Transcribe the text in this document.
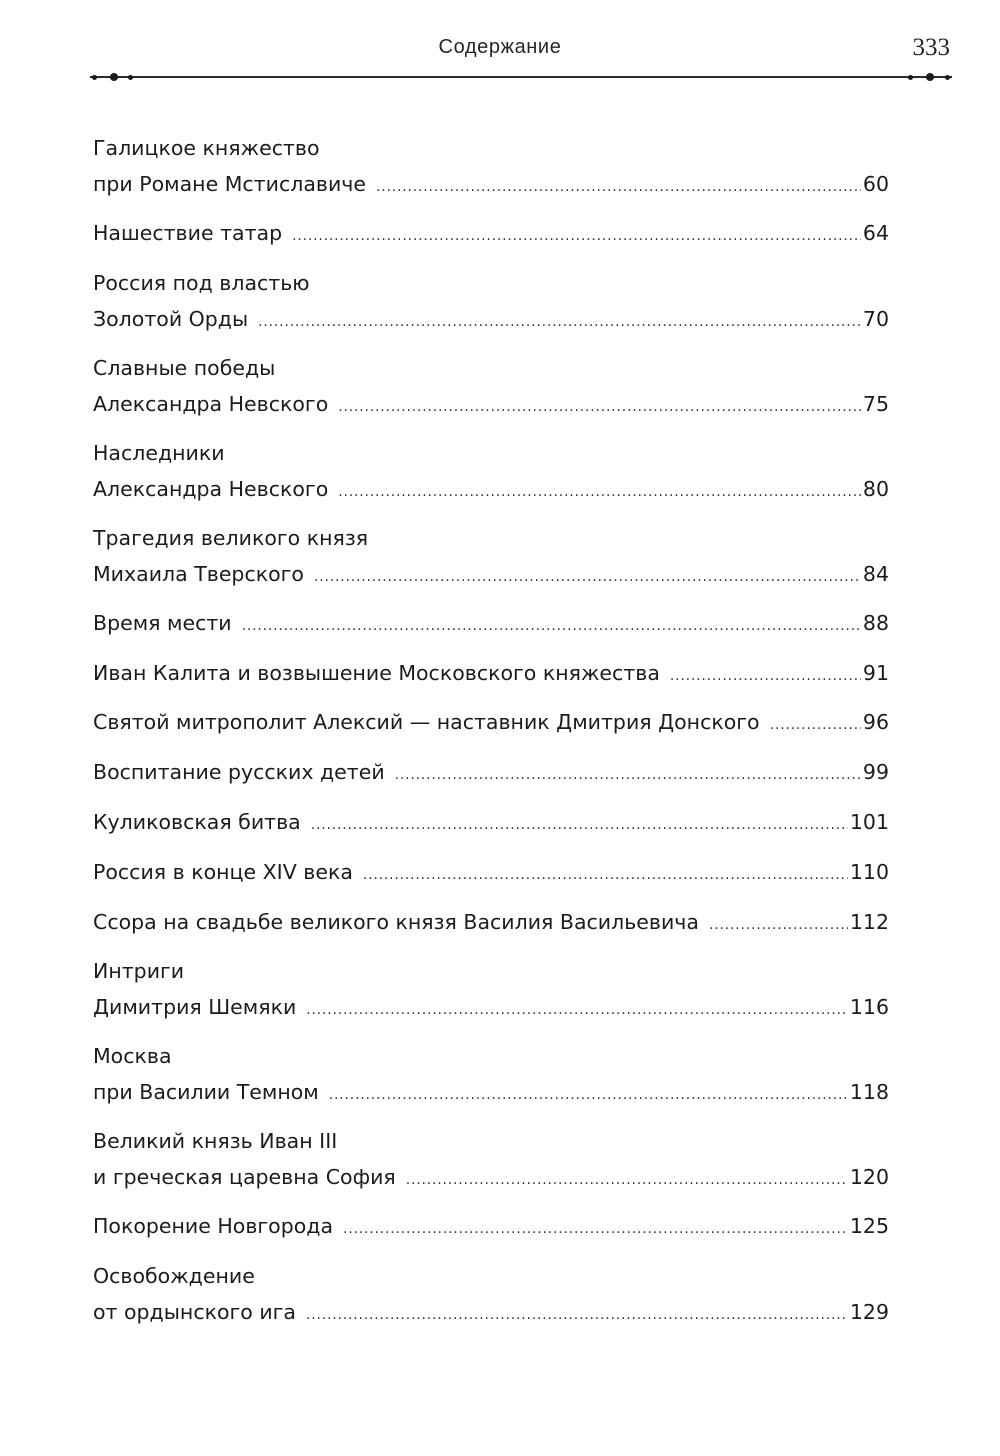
Содержание	333
Галицкое княжество
при Романе Мстиславиче .....	60
Нашествие татар .....	64
Россия под властью
Золотой Орды .....	70
Славные победы
Александра Невского .....	75
Наследники
Александра Невского .....	80
Трагедия великого князя
Михаила Тверского .....	84
Время мести .....	88
Иван Калита и возвышение Московского княжества .....	91
Святой митрополит Алексий — наставник Дмитрия Донского .....	96
Воспитание русских детей .....	99
Куликовская битва .....	101
Россия в конце XIV века .....	110
Ссора на свадьбе великого князя Василия Васильевича .....	112
Интриги
Димитрия Шемяки .....	116
Москва
при Василии Темном .....	118
Великий князь Иван III
и греческая царевна София .....	120
Покорение Новгорода .....	125
Освобождение
от ордынского ига .....	129
